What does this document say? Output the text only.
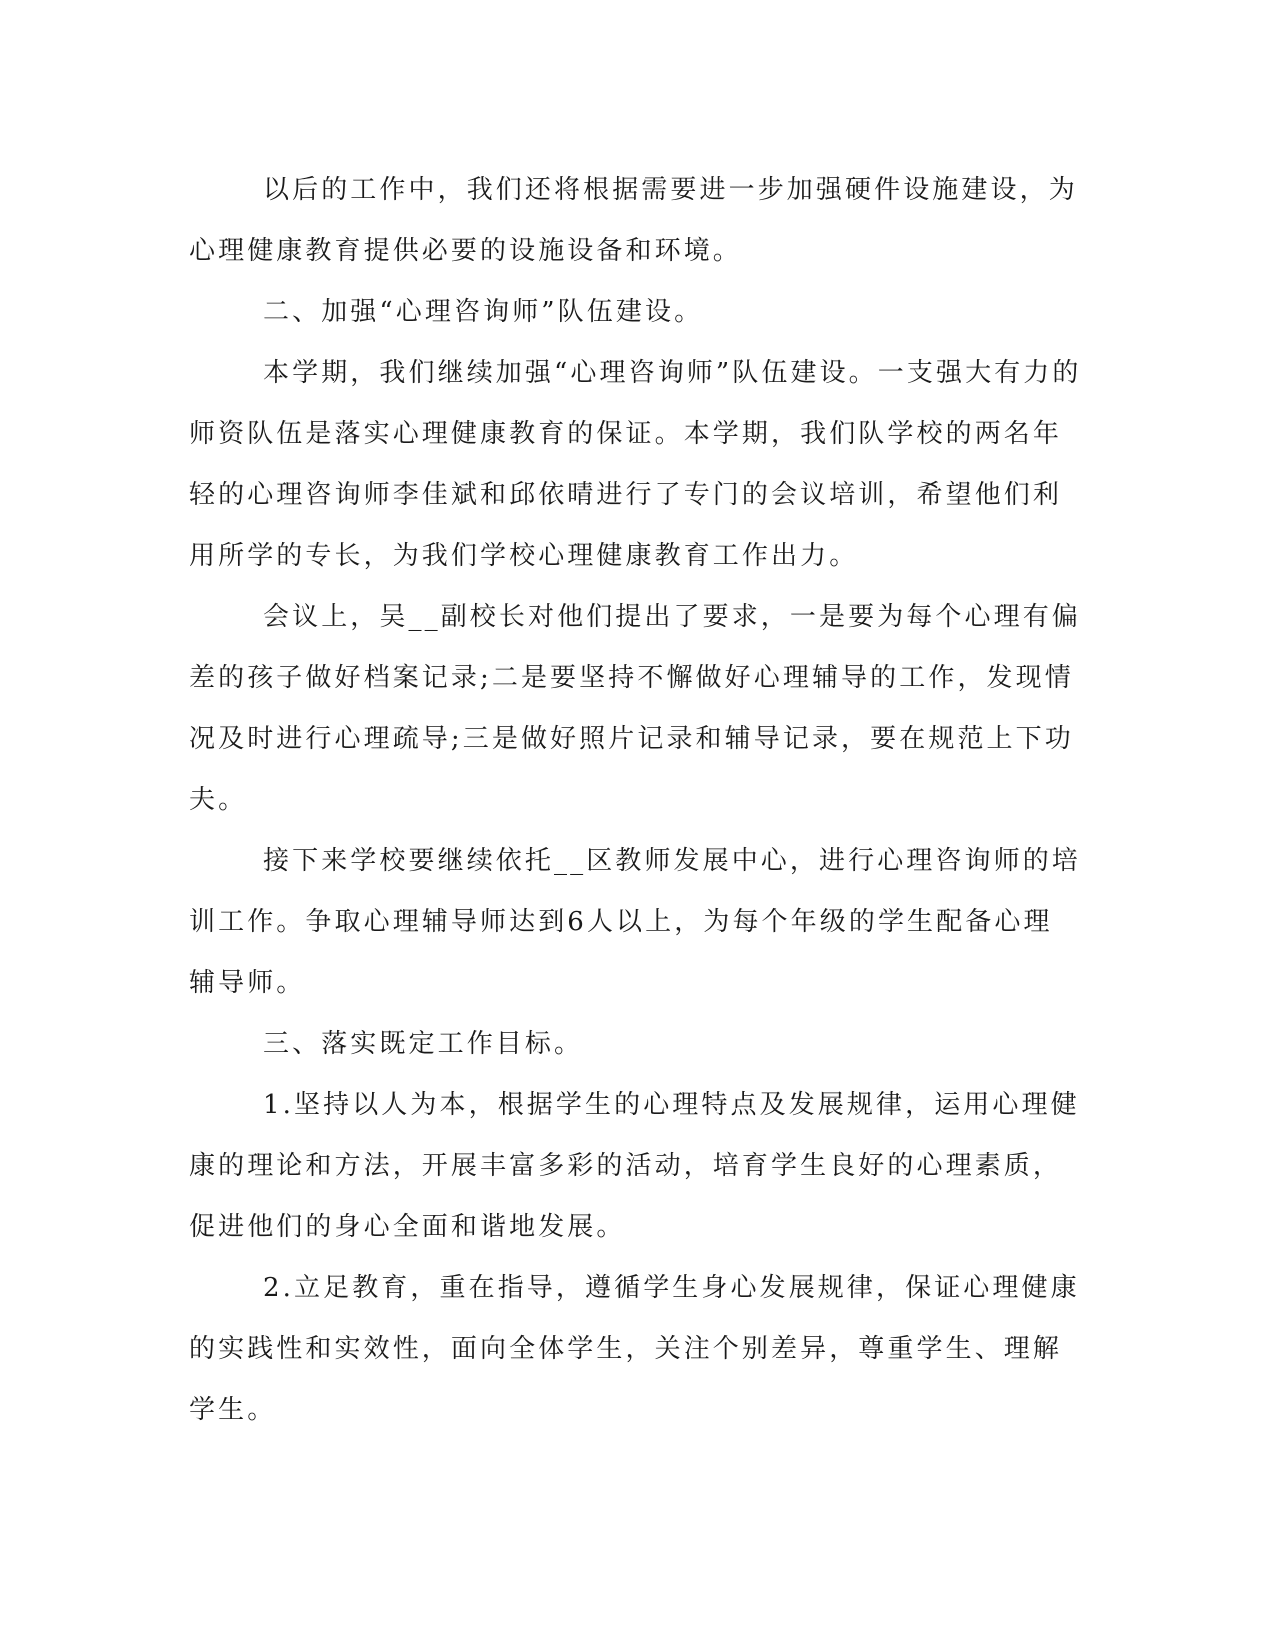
以后的工作中，我们还将根据需要进一步加强硬件设施建设，为
心理健康教育提供必要的设施设备和环境。
二、加强“心理咨询师”队伍建设。
本学期，我们继续加强“心理咨询师”队伍建设。一支强大有力的
师资队伍是落实心理健康教育的保证。本学期，我们队学校的两名年
轻的心理咨询师李佳斌和邱依晴进行了专门的会议培训，希望他们利
用所学的专长，为我们学校心理健康教育工作出力。
会议上，吴__副校长对他们提出了要求，一是要为每个心理有偏
差的孩子做好档案记录;二是要坚持不懈做好心理辅导的工作，发现情
况及时进行心理疏导;三是做好照片记录和辅导记录，要在规范上下功
夫。
接下来学校要继续依托__区教师发展中心，进行心理咨询师的培
训工作。争取心理辅导师达到6人以上，为每个年级的学生配备心理
辅导师。
三、落实既定工作目标。
1.坚持以人为本，根据学生的心理特点及发展规律，运用心理健
康的理论和方法，开展丰富多彩的活动，培育学生良好的心理素质，
促进他们的身心全面和谐地发展。
2.立足教育，重在指导，遵循学生身心发展规律，保证心理健康
的实践性和实效性，面向全体学生，关注个别差异，尊重学生、理解
学生。
